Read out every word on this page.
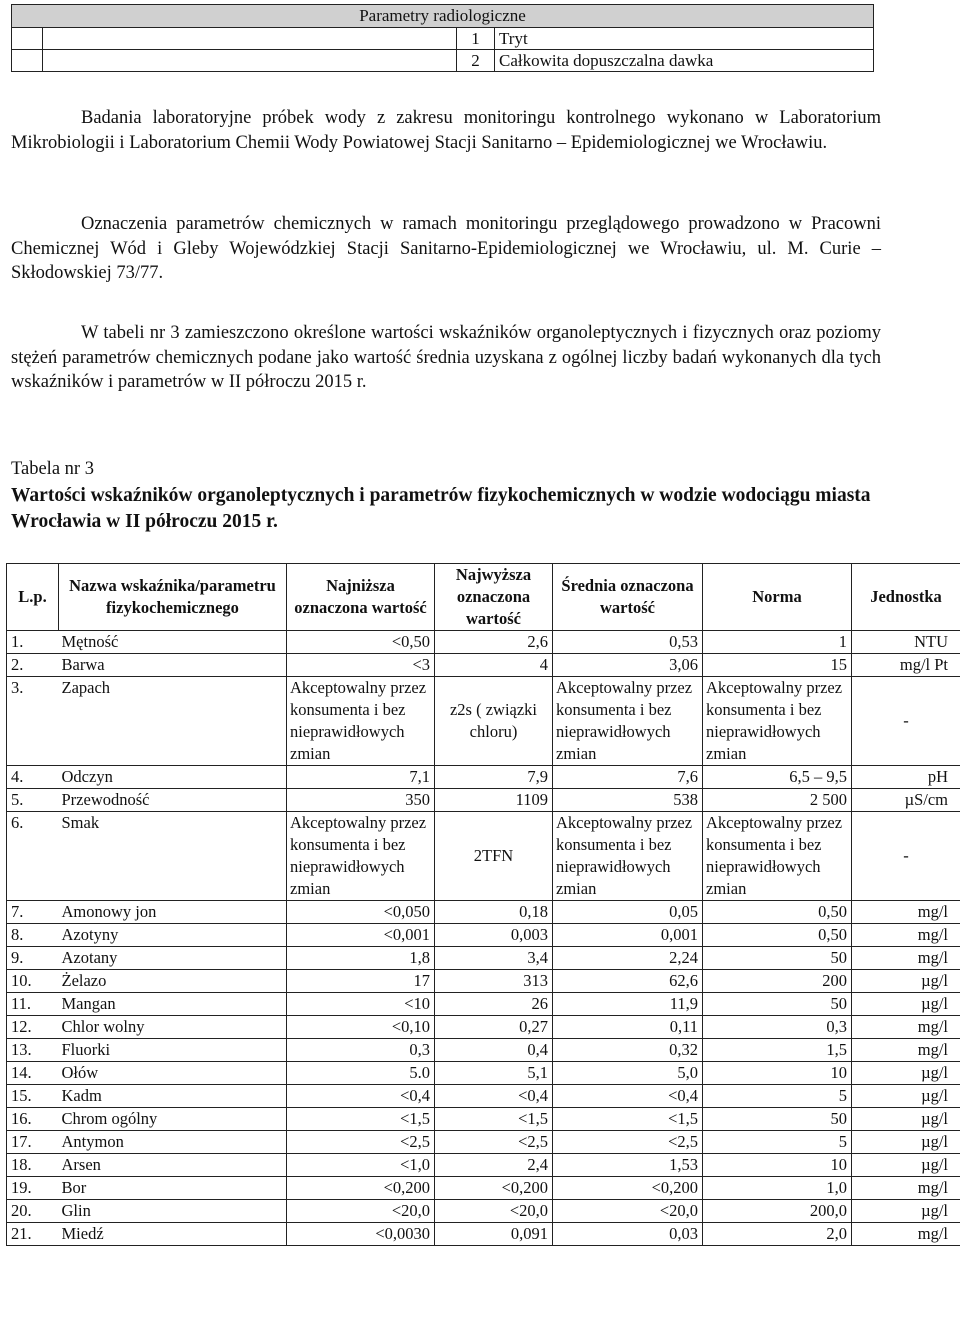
Parametry radiologiczne			
		1	Tryt
		2	Całkowita dopuszczalna dawka

Badania laboratoryjne próbek wody z zakresu monitoringu kontrolnego wykonano w Laboratorium Mikrobiologii i Laboratorium Chemii Wody Powiatowej Stacji Sanitarno – Epidemiologicznej we Wrocławiu.

Oznaczenia parametrów chemicznych w ramach monitoringu przeglądowego prowadzono w Pracowni Chemicznej Wód i Gleby Wojewódzkiej Stacji Sanitarno-Epidemiologicznej we Wrocławiu, ul. M. Curie – Skłodowskiej 73/77.

W tabeli nr 3 zamieszczono określone wartości wskaźników organoleptycznych i fizycznych oraz poziomy stężeń parametrów chemicznych podane jako wartość średnia uzyskana z ogólnej liczby badań wykonanych dla tych wskaźników i parametrów w II półroczu 2015 r.

Tabela nr 3

Wartości wskaźników organoleptycznych i parametrów fizykochemicznych w wodzie wodociągu miasta Wrocławia w II półroczu 2015 r.

L.p.	Nazwa wskaźnika/parametru fizykochemicznego	Najniższa oznaczona wartość	Najwyższa oznaczona wartość	Średnia oznaczona wartość	Norma	Jednostka
1.	Mętność	<0,50	2,6	0,53	1	NTU
2.	Barwa	<3	4	3,06	15	mg/l Pt
3.	Zapach	Akceptowalny przez konsumenta i bez nieprawidłowych zmian	z2s ( związki chloru)	Akceptowalny przez konsumenta i bez nieprawidłowych zmian	Akceptowalny przez konsumenta i bez nieprawidłowych zmian	-
4.	Odczyn	7,1	7,9	7,6	6,5 – 9,5	pH
5.	Przewodność	350	1109	538	2 500	µS/cm
6.	Smak	Akceptowalny przez konsumenta i bez nieprawidłowych zmian	2TFN	Akceptowalny przez konsumenta i bez nieprawidłowych zmian	Akceptowalny przez konsumenta i bez nieprawidłowych zmian	-
7.	Amonowy jon	<0,050	0,18	0,05	0,50	mg/l
8.	Azotyny	<0,001	0,003	0,001	0,50	mg/l
9.	Azotany	1,8	3,4	2,24	50	mg/l
10.	Żelazo	17	313	62,6	200	µg/l
11.	Mangan	<10	26	11,9	50	µg/l
12.	Chlor wolny	<0,10	0,27	0,11	0,3	mg/l
13.	Fluorki	0,3	0,4	0,32	1,5	mg/l
14.	Ołów	5.0	5,1	5,0	10	µg/l
15.	Kadm	<0,4	<0,4	<0,4	5	µg/l
16.	Chrom ogólny	<1,5	<1,5	<1,5	50	µg/l
17.	Antymon	<2,5	<2,5	<2,5	5	µg/l
18.	Arsen	<1,0	2,4	1,53	10	µg/l
19.	Bor	<0,200	<0,200	<0,200	1,0	mg/l
20.	Glin	<20,0	<20,0	<20,0	200,0	µg/l
21.	Miedź	<0,0030	0,091	0,03	2,0	mg/l
